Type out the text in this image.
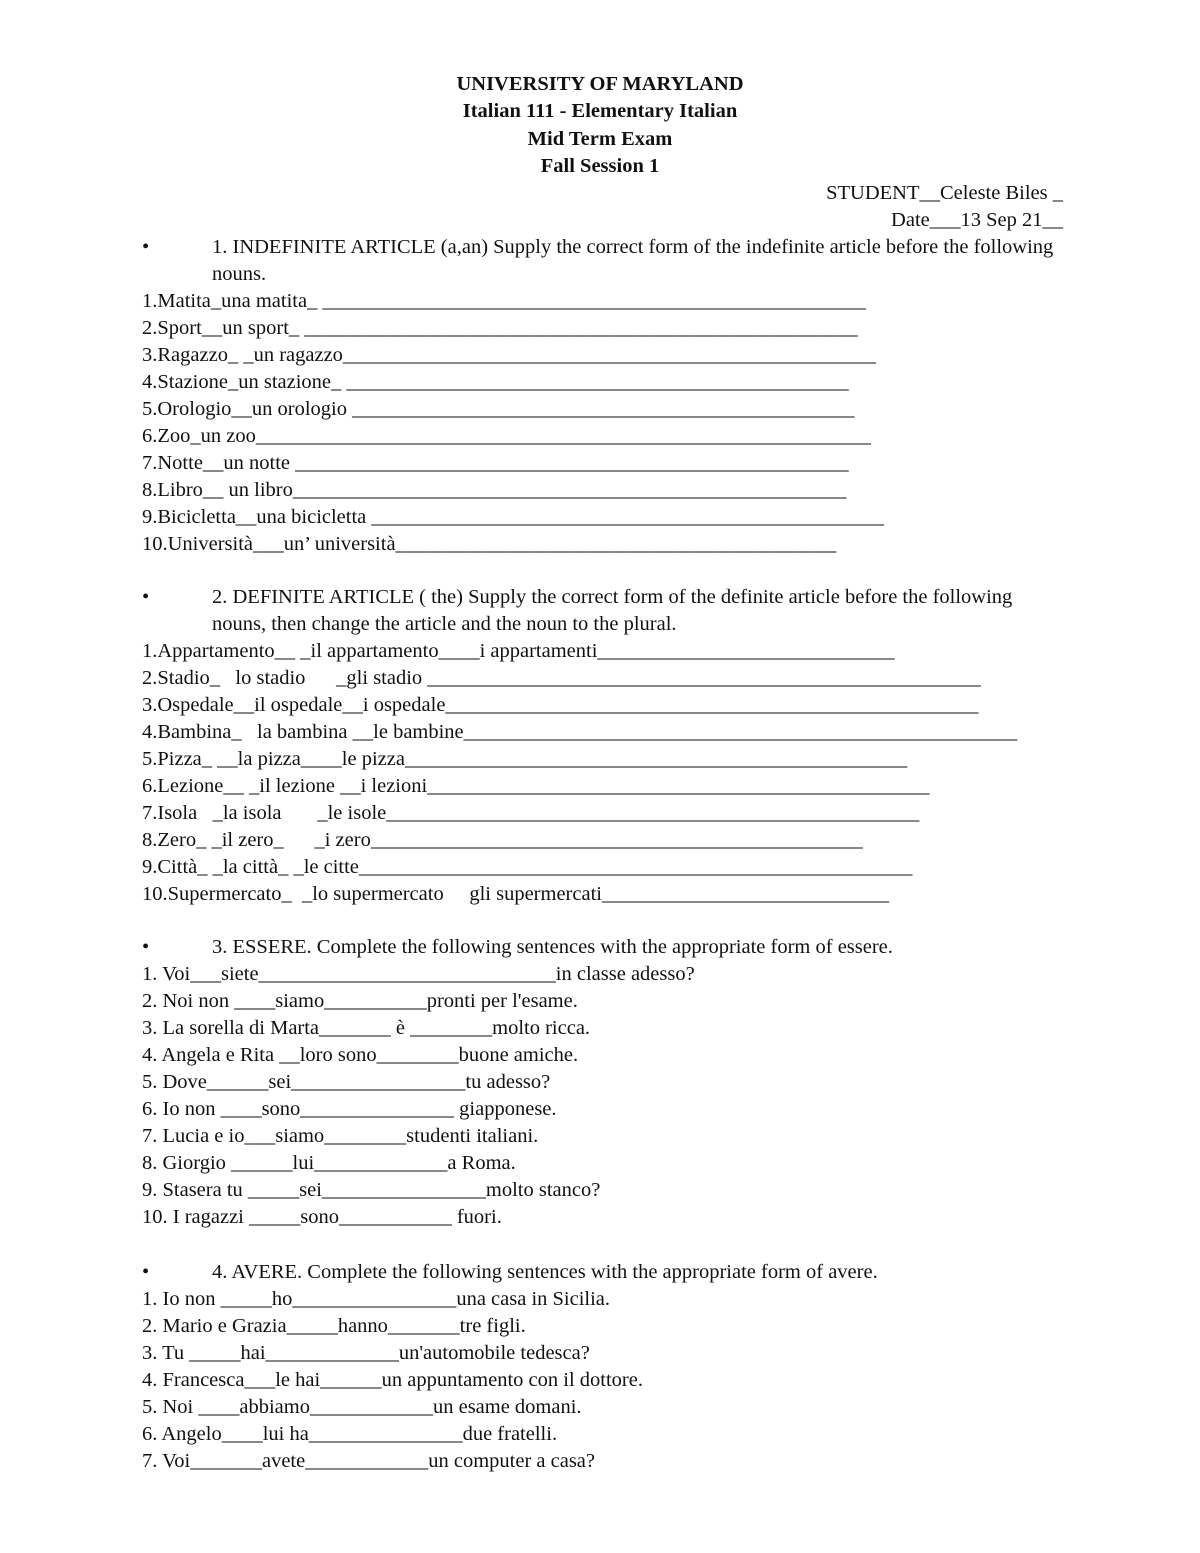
UNIVERSITY OF MARYLAND
Italian 111 - Elementary Italian
Mid Term Exam
Fall Session 1
STUDENT__Celeste Biles _
Date___13 Sep 21__
•	1. INDEFINITE ARTICLE (a,an) Supply the correct form of the indefinite article before the following nouns.
1.Matita_una matita_ _____________________________________________________
2.Sport__un sport_ ______________________________________________________
3.Ragazzo_ _un ragazzo____________________________________________________
4.Stazione_un stazione_ _________________________________________________
5.Orologio__un orologio _________________________________________________
6.Zoo_un zoo____________________________________________________________
7.Notte__un notte ______________________________________________________
8.Libro__ un libro______________________________________________________
9.Bicicletta__una bicicletta __________________________________________________
10.Università___un’ università___________________________________________
•	2. DEFINITE ARTICLE ( the) Supply the correct form of the definite article before the following nouns, then change the article and the noun to the plural.
1.Appartamento__ _il appartamento____i appartamenti_____________________________
2.Stadio_   lo stadio      _gli stadio ______________________________________________________
3.Ospedale__il ospedale__i ospedale____________________________________________________
4.Bambina_   la bambina __le bambine______________________________________________________
5.Pizza_ __la pizza____le pizza_________________________________________________
6.Lezione__ _il lezione __i lezioni_________________________________________________
7.Isola   _la isola       _le isole____________________________________________________
8.Zero_ _il zero_      _i zero________________________________________________
9.Città_ _la città_ _le citte______________________________________________________
10.Supermercato_  _lo supermercato     gli supermercati____________________________
•	3. ESSERE. Complete the following sentences with the appropriate form of essere.
1. Voi___siete_____________________________in classe adesso?
2. Noi non ____siamo__________pronti per l'esame.
3. La sorella di Marta_______ è ________molto ricca.
4. Angela e Rita __loro sono________buone amiche.
5. Dove______sei_________________tu adesso?
6. Io non ____sono_______________ giapponese.
7. Lucia e io___siamo________studenti italiani.
8. Giorgio ______lui_____________a Roma.
9. Stasera tu _____sei________________molto stanco?
10. I ragazzi _____sono___________ fuori.
•	4. AVERE. Complete the following sentences with the appropriate form of avere.
1. Io non _____ho________________una casa in Sicilia.
2. Mario e Grazia_____hanno_______tre figli.
3. Tu _____hai_____________un'automobile tedesca?
4. Francesca___le hai______un appuntamento con il dottore.
5. Noi ____abbiamo____________un esame domani.
6. Angelo____lui ha_______________due fratelli.
7. Voi_______avete____________un computer a casa?
